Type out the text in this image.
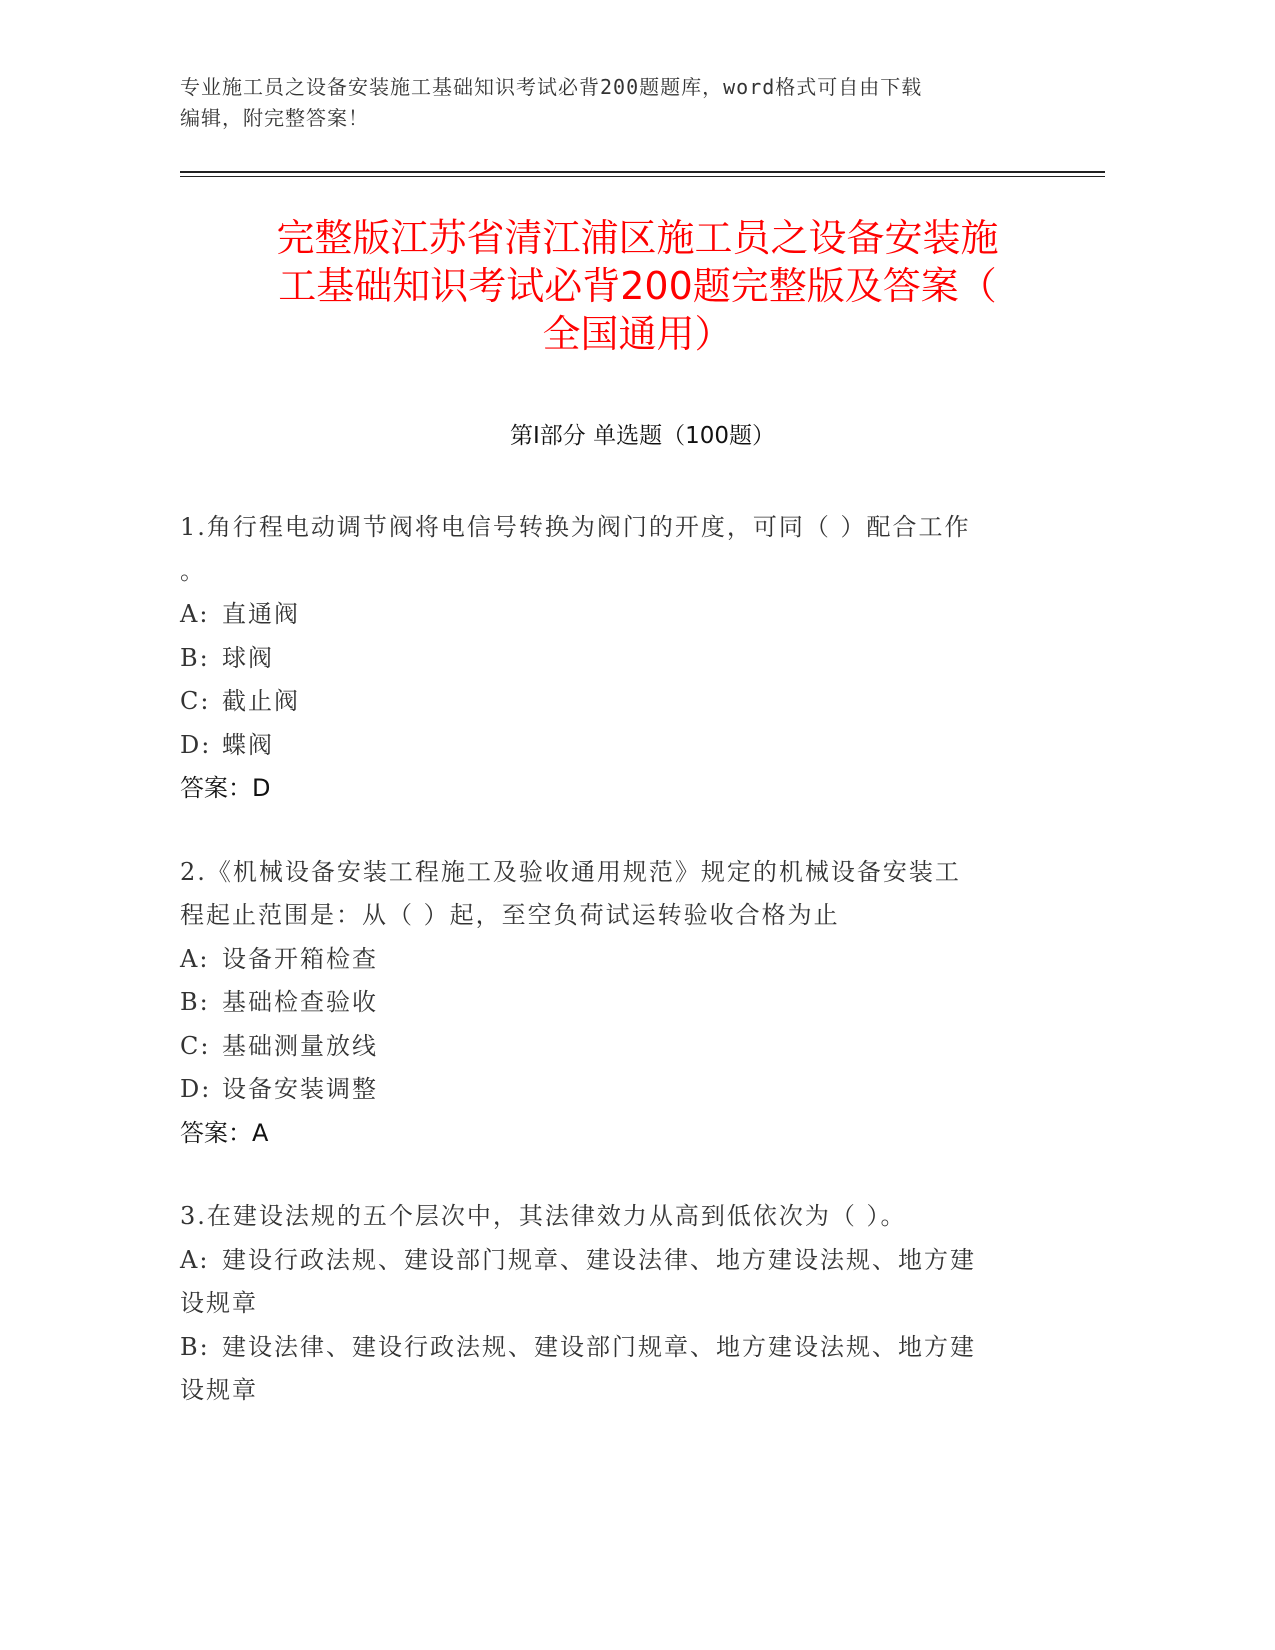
专业施工员之设备安装施工基础知识考试必背200题题库，word格式可自由下载
编辑，附完整答案！
完整版江苏省清江浦区施工员之设备安装施
工基础知识考试必背200题完整版及答案（
全国通用）
第I部分 单选题（100题）
1.角行程电动调节阀将电信号转换为阀门的开度，可同（ ）配合工作
。
A: 直通阀
B: 球阀
C: 截止阀
D: 蝶阀
答案：D
2.《机械设备安装工程施工及验收通用规范》规定的机械设备安装工
程起止范围是：从（ ）起，至空负荷试运转验收合格为止
A: 设备开箱检查
B: 基础检查验收
C: 基础测量放线
D: 设备安装调整
答案：A
3.在建设法规的五个层次中，其法律效力从高到低依次为（ ）。
A: 建设行政法规、建设部门规章、建设法律、地方建设法规、地方建
设规章
B: 建设法律、建设行政法规、建设部门规章、地方建设法规、地方建
设规章
